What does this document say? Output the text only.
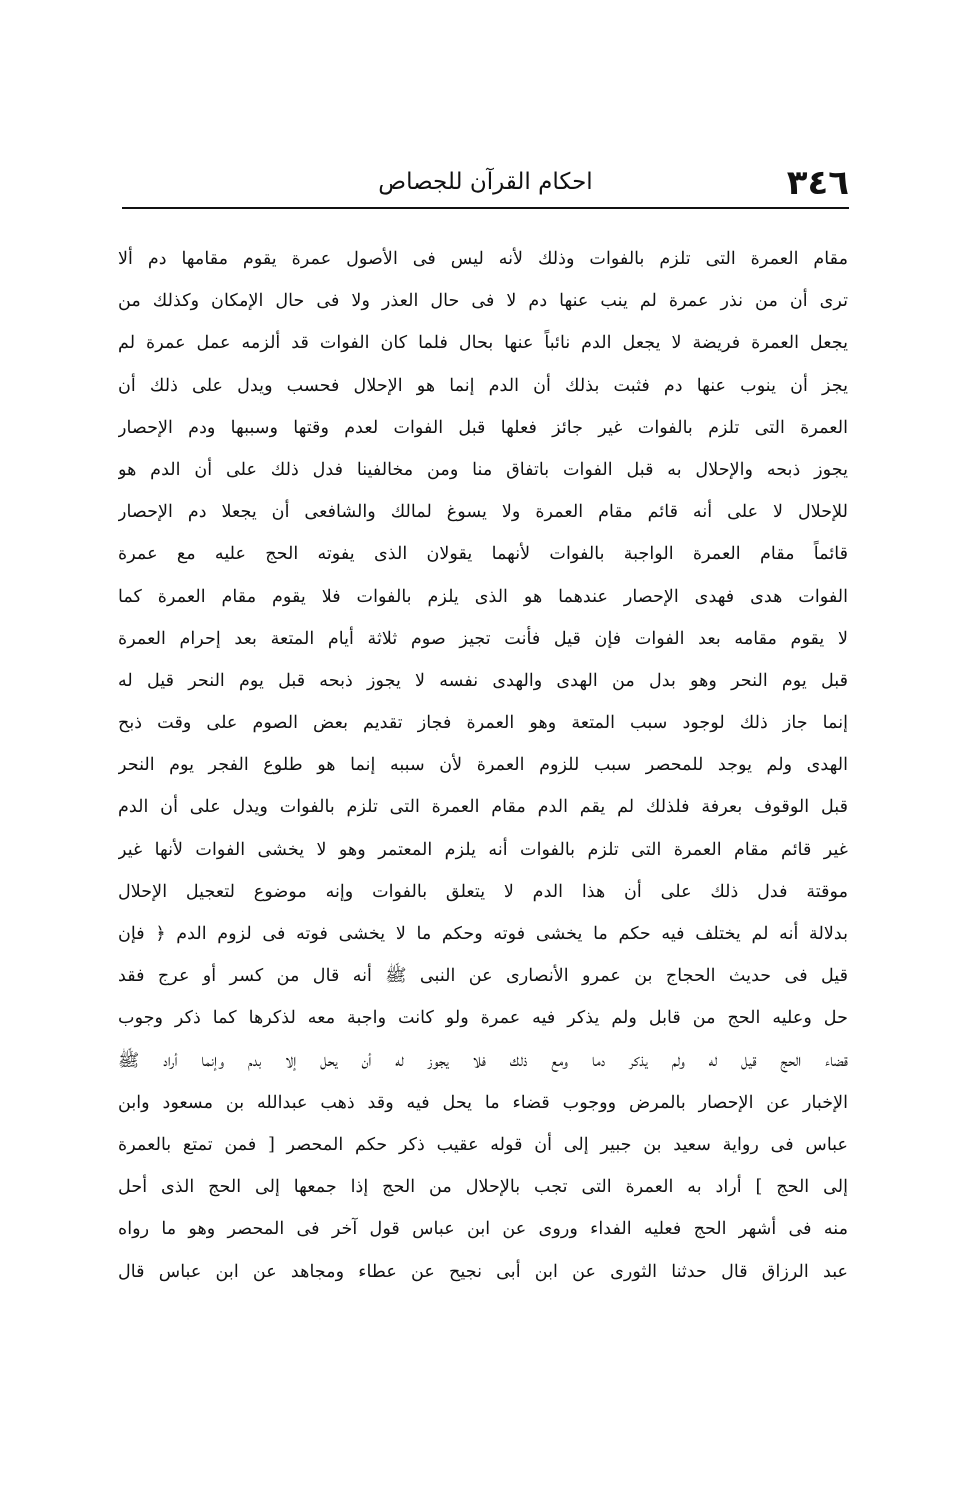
٣٤٦
احكام القرآن للجصاص
مقام العمرة التى تلزم بالفوات وذلك لأنه ليس فى الأصول عمرة يقوم مقامها دم ألا
ترى أن من نذر عمرة لم ينب عنها دم لا فى حال العذر ولا فى حال الإمكان وكذلك من
يجعل العمرة فريضة لا يجعل الدم نائباً عنها بحال فلما كان الفوات قد ألزمه عمل عمرة لم
يجز أن ينوب عنها دم فثبت بذلك أن الدم إنما هو الإحلال فحسب ويدل على ذلك أن
العمرة التى تلزم بالفوات غير جائز فعلها قبل الفوات لعدم وقتها وسببها ودم الإحصار
يجوز ذبحه والإحلال به قبل الفوات باتفاق منا ومن مخالفينا فدل ذلك على أن الدم هو
للإحلال لا على أنه قائم مقام العمرة ولا يسوغ لمالك والشافعى أن يجعلا دم الإحصار
قائماً مقام العمرة الواجبة بالفوات لأنهما يقولان الذى يفوته الحج عليه مع عمرة
الفوات هدى فهدى الإحصار عندهما هو الذى يلزم بالفوات فلا يقوم مقام العمرة كما
لا يقوم مقامه بعد الفوات فإن قيل فأنت تجيز صوم ثلاثة أيام المتعة بعد إحرام العمرة
قبل يوم النحر وهو بدل من الهدى والهدى نفسه لا يجوز ذبحه قبل يوم النحر قيل له
إنما جاز ذلك لوجود سبب المتعة وهو العمرة فجاز تقديم بعض الصوم على وقت ذبح
الهدى ولم يوجد للمحصر سبب للزوم العمرة لأن سببه إنما هو طلوع الفجر يوم النحر
قبل الوقوف بعرفة فلذلك لم يقم الدم مقام العمرة التى تلزم بالفوات ويدل على أن الدم
غير قائم مقام العمرة التى تلزم بالفوات أنه يلزم المعتمر وهو لا يخشى الفوات لأنها غير
موقتة فدل ذلك على أن هذا الدم لا يتعلق بالفوات وإنه موضوع لتعجيل الإحلال
بدلالة أنه لم يختلف فيه حكم ما يخشى فوته وحكم ما لا يخشى فوته فى لزوم الدم ﴿ فإن
قيل فى حديث الحجاج بن عمرو الأنصارى عن النبى ﷺ أنه قال من كسر أو عرج فقد
حل وعليه الحج من قابل ولم يذكر فيه عمرة ولو كانت واجبة معه لذكرها كما ذكر وجوب
قضاء الحج قيل له ولم يذكر دما ومع ذلك فلا يجوز له أن يحل إلا بدم وإنما أراد ﷺ
الإخبار عن الإحصار بالمرض ووجوب قضاء ما يحل فيه وقد ذهب عبدالله بن مسعود وابن
عباس فى رواية سعيد بن جبير إلى أن قوله عقيب ذكر حكم المحصر [ فمن تمتع بالعمرة
إلى الحج ] أراد به العمرة التى تجب بالإحلال من الحج إذا جمعها إلى الحج الذى أحل
منه فى أشهر الحج فعليه الفداء وروى عن ابن عباس قول آخر فى المحصر وهو ما رواه
عبد الرزاق قال حدثنا الثورى عن ابن أبى نجيح عن عطاء ومجاهد عن ابن عباس قال
